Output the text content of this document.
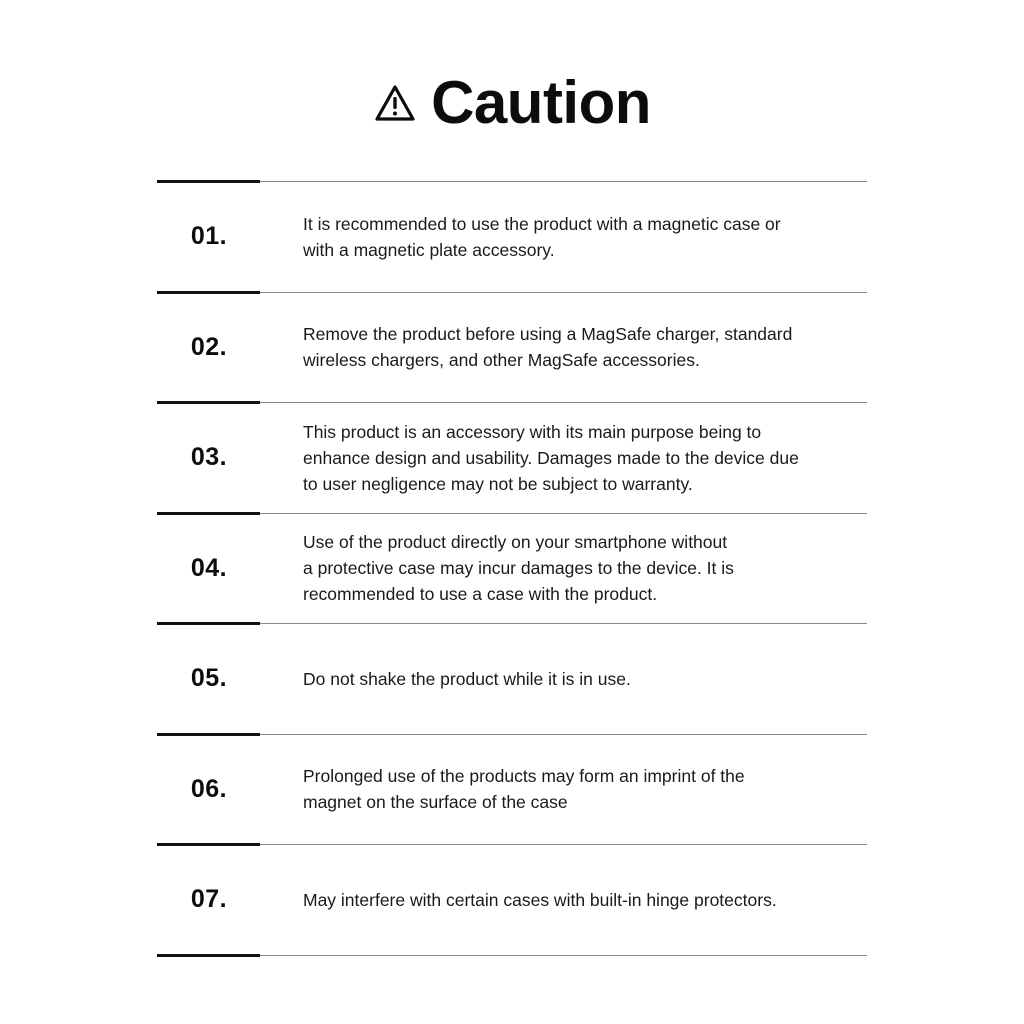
Caution
01.	It is recommended to use the product with a magnetic case or
with a magnetic plate accessory.
02.	Remove the product before using a MagSafe charger, standard
wireless chargers, and other MagSafe accessories.
03.
This product is an accessory with its main purpose being to
enhance design and usability. Damages made to the device due
to user negligence may not be subject to warranty.
04.
Use of the product directly on your smartphone without
a protective case may incur damages to the device. It is
recommended to use a case with the product.
05.	Do not shake the product while it is in use.
06.	Prolonged use of the products may form an imprint of the
magnet on the surface of the case
07.	May interfere with certain cases with built-in hinge protectors.
